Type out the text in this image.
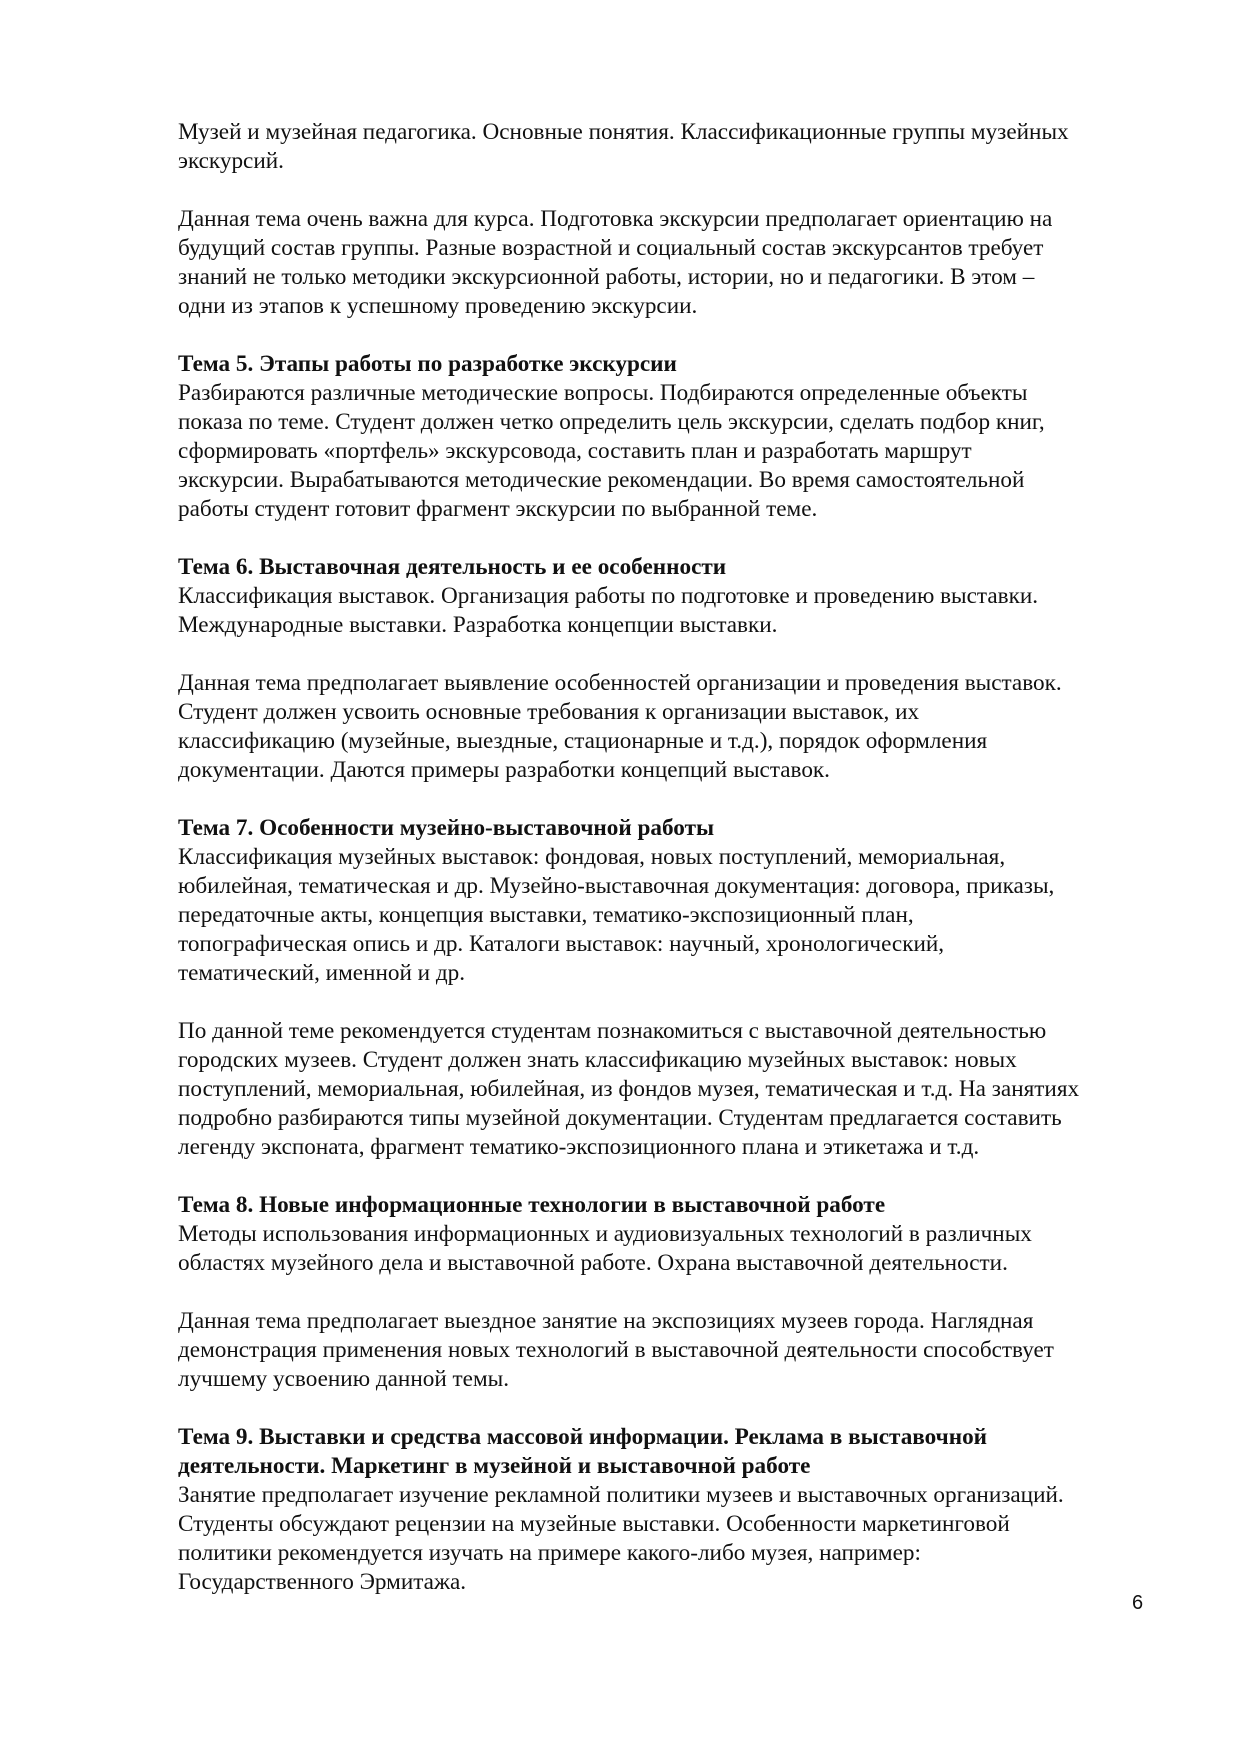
Музей и музейная педагогика. Основные понятия. Классификационные группы музейных
экскурсий.
Данная тема очень важна для курса. Подготовка экскурсии предполагает ориентацию на
будущий состав группы. Разные возрастной и социальный состав экскурсантов требует
знаний не только методики экскурсионной работы, истории, но и педагогики. В этом –
одни из этапов к успешному проведению экскурсии.
Тема 5. Этапы работы по разработке экскурсии
Разбираются различные методические вопросы. Подбираются определенные объекты
показа по теме. Студент должен четко определить цель экскурсии, сделать подбор книг,
сформировать «портфель» экскурсовода, составить план и разработать маршрут
экскурсии. Вырабатываются методические рекомендации. Во время самостоятельной
работы студент готовит фрагмент экскурсии по выбранной теме.
Тема 6. Выставочная деятельность и ее особенности
Классификация выставок. Организация работы по подготовке и проведению выставки.
Международные выставки. Разработка концепции выставки.
Данная тема предполагает выявление особенностей организации и проведения выставок.
Студент должен усвоить основные требования к организации выставок, их
классификацию (музейные, выездные, стационарные и т.д.), порядок оформления
документации. Даются примеры разработки концепций выставок.
Тема 7. Особенности музейно-выставочной работы
Классификация музейных выставок: фондовая, новых поступлений, мемориальная,
юбилейная, тематическая и др. Музейно-выставочная документация: договора, приказы,
передаточные акты, концепция выставки, тематико-экспозиционный план,
топографическая опись и др. Каталоги выставок: научный, хронологический,
тематический, именной и др.
По данной теме рекомендуется студентам познакомиться с выставочной деятельностью
городских музеев. Студент должен знать классификацию музейных выставок: новых
поступлений, мемориальная, юбилейная, из фондов музея, тематическая и т.д. На занятиях
подробно разбираются типы музейной документации. Студентам предлагается составить
легенду экспоната, фрагмент тематико-экспозиционного плана и этикетажа и т.д.
Тема 8. Новые информационные технологии в выставочной работе
Методы использования информационных и аудиовизуальных технологий в различных
областях музейного дела и выставочной работе. Охрана выставочной деятельности.
Данная тема предполагает выездное занятие на экспозициях музеев города. Наглядная
демонстрация применения новых технологий в выставочной деятельности способствует
лучшему усвоению данной темы.
Тема 9. Выставки и средства массовой информации. Реклама в выставочной
деятельности. Маркетинг в музейной и выставочной работе
Занятие предполагает изучение рекламной политики музеев и выставочных организаций.
Студенты обсуждают рецензии на музейные выставки. Особенности маркетинговой
политики рекомендуется изучать на примере какого-либо музея, например:
Государственного Эрмитажа.
6
